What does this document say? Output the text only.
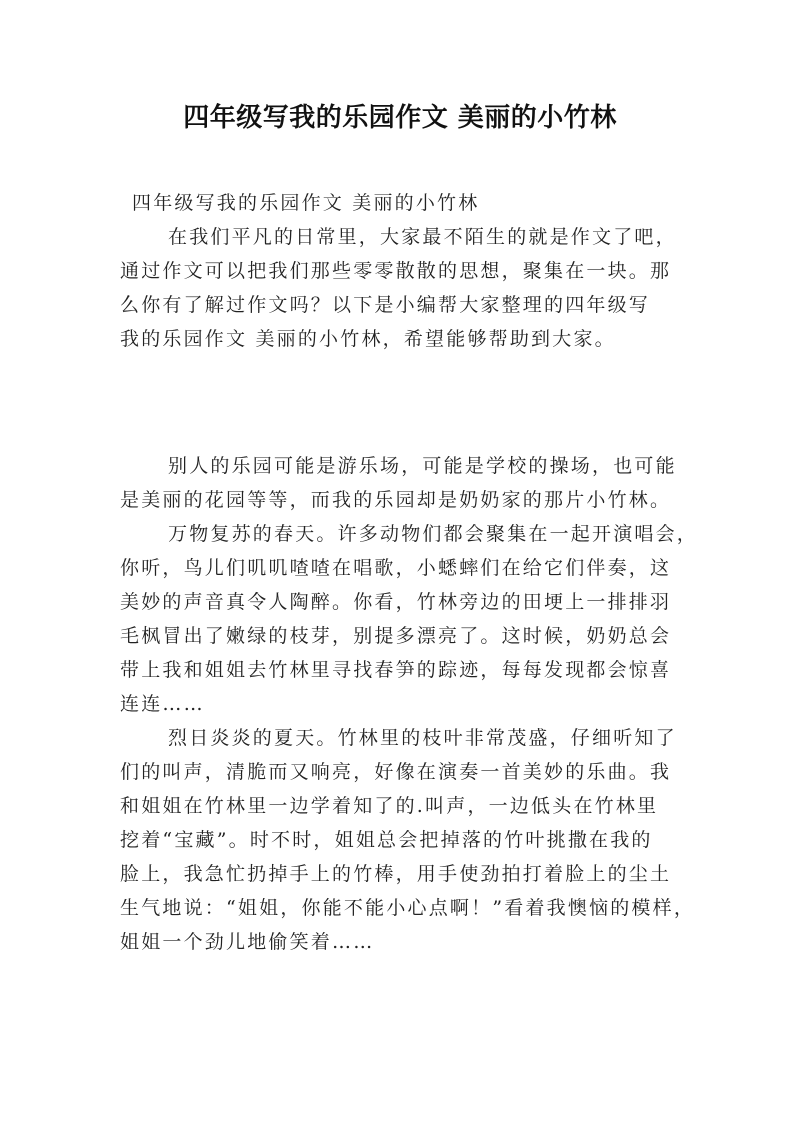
四年级写我的乐园作文 美丽的小竹林
四年级写我的乐园作文 美丽的小竹林
在我们平凡的日常里，大家最不陌生的就是作文了吧，
通过作文可以把我们那些零零散散的思想，聚集在一块。那
么你有了解过作文吗？以下是小编帮大家整理的四年级写
我的乐园作文 美丽的小竹林，希望能够帮助到大家。
别人的乐园可能是游乐场，可能是学校的操场，也可能
是美丽的花园等等，而我的乐园却是奶奶家的那片小竹林。
万物复苏的春天。许多动物们都会聚集在一起开演唱会，
你听，鸟儿们叽叽喳喳在唱歌，小蟋蟀们在给它们伴奏，这
美妙的声音真令人陶醉。你看，竹林旁边的田埂上一排排羽
毛枫冒出了嫩绿的枝芽，别提多漂亮了。这时候，奶奶总会
带上我和姐姐去竹林里寻找春笋的踪迹，每每发现都会惊喜
连连……
烈日炎炎的夏天。竹林里的枝叶非常茂盛，仔细听知了
们的叫声，清脆而又响亮，好像在演奏一首美妙的乐曲。我
和姐姐在竹林里一边学着知了的.叫声，一边低头在竹林里
挖着“宝藏”。时不时，姐姐总会把掉落的竹叶挑撒在我的
脸上，我急忙扔掉手上的竹棒，用手使劲拍打着脸上的尘土
生气地说：“姐姐，你能不能小心点啊！”看着我懊恼的模样，
姐姐一个劲儿地偷笑着……
